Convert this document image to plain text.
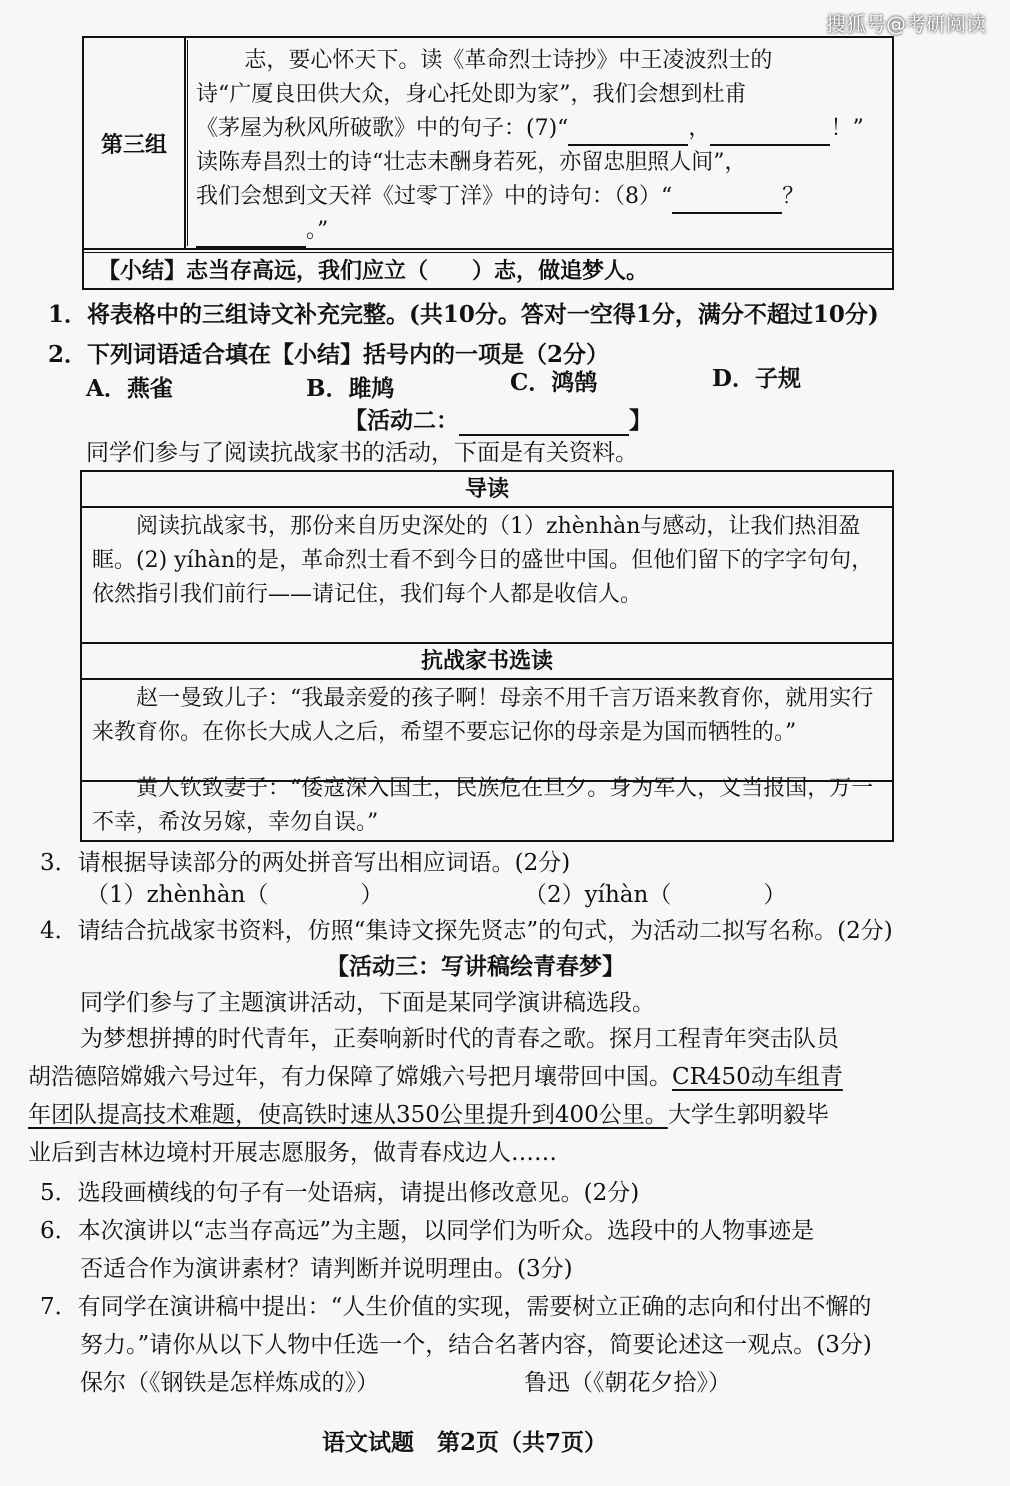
搜狐号@考研阅读
第三组
志，要心怀天下。读《革命烈士诗抄》中王凌波烈士的
诗“广厦良田供大众，身心托处即为家”，我们会想到杜甫
《茅屋为秋风所破歌》中的句子：(7)“	，	！”
读陈寿昌烈士的诗“壮志未酬身若死，亦留忠胆照人间”，
我们会想到文天祥《过零丁洋》中的诗句：（8）“	？
。”
【小结】志当存高远，我们应立（　　）志，做追梦人。
1．将表格中的三组诗文补充完整。(共10分。答对一空得1分，满分不超过10分)
2．下列词语适合填在【小结】括号内的一项是（2分）
A．燕雀	B．雎鸠	C．鸿鹄	D．子规
【活动二：	】
同学们参与了阅读抗战家书的活动，下面是有关资料。
导读
阅读抗战家书，那份来自历史深处的（1）zhènhàn与感动，让我们热泪盈眶。(2) yíhàn的是，革命烈士看不到今日的盛世中国。但他们留下的字字句句，依然指引我们前行——请记住，我们每个人都是收信人。
抗战家书选读
赵一曼致儿子：“我最亲爱的孩子啊！母亲不用千言万语来教育你，就用实行来教育你。在你长大成人之后，希望不要忘记你的母亲是为国而牺牲的。”
黄人钦致妻子：“倭寇深入国土，民族危在旦夕。身为军人，义当报国，万一不幸，希汝另嫁，幸勿自误。”
3．请根据导读部分的两处拼音写出相应词语。(2分)
（1）zhènhàn（　　　　）	（2）yíhàn（　　　　）
4．请结合抗战家书资料，仿照“集诗文探先贤志”的句式，为活动二拟写名称。(2分)
【活动三：写讲稿绘青春梦】
同学们参与了主题演讲活动，下面是某同学演讲稿选段。
为梦想拼搏的时代青年，正奏响新时代的青春之歌。探月工程青年突击队员
胡浩德陪嫦娥六号过年，有力保障了嫦娥六号把月壤带回中国。CR450动车组青
年团队提高技术难题，使高铁时速从350公里提升到400公里。大学生郭明毅毕
业后到吉林边境村开展志愿服务，做青春戍边人……
5．选段画横线的句子有一处语病，请提出修改意见。(2分)
6．本次演讲以“志当存高远”为主题，以同学们为听众。选段中的人物事迹是
否适合作为演讲素材？请判断并说明理由。(3分)
7．有同学在演讲稿中提出：“人生价值的实现，需要树立正确的志向和付出不懈的
努力。”请你从以下人物中任选一个，结合名著内容，简要论述这一观点。(3分)
保尔（《钢铁是怎样炼成的》）	鲁迅（《朝花夕拾》）
语文试题　第2页（共7页）
